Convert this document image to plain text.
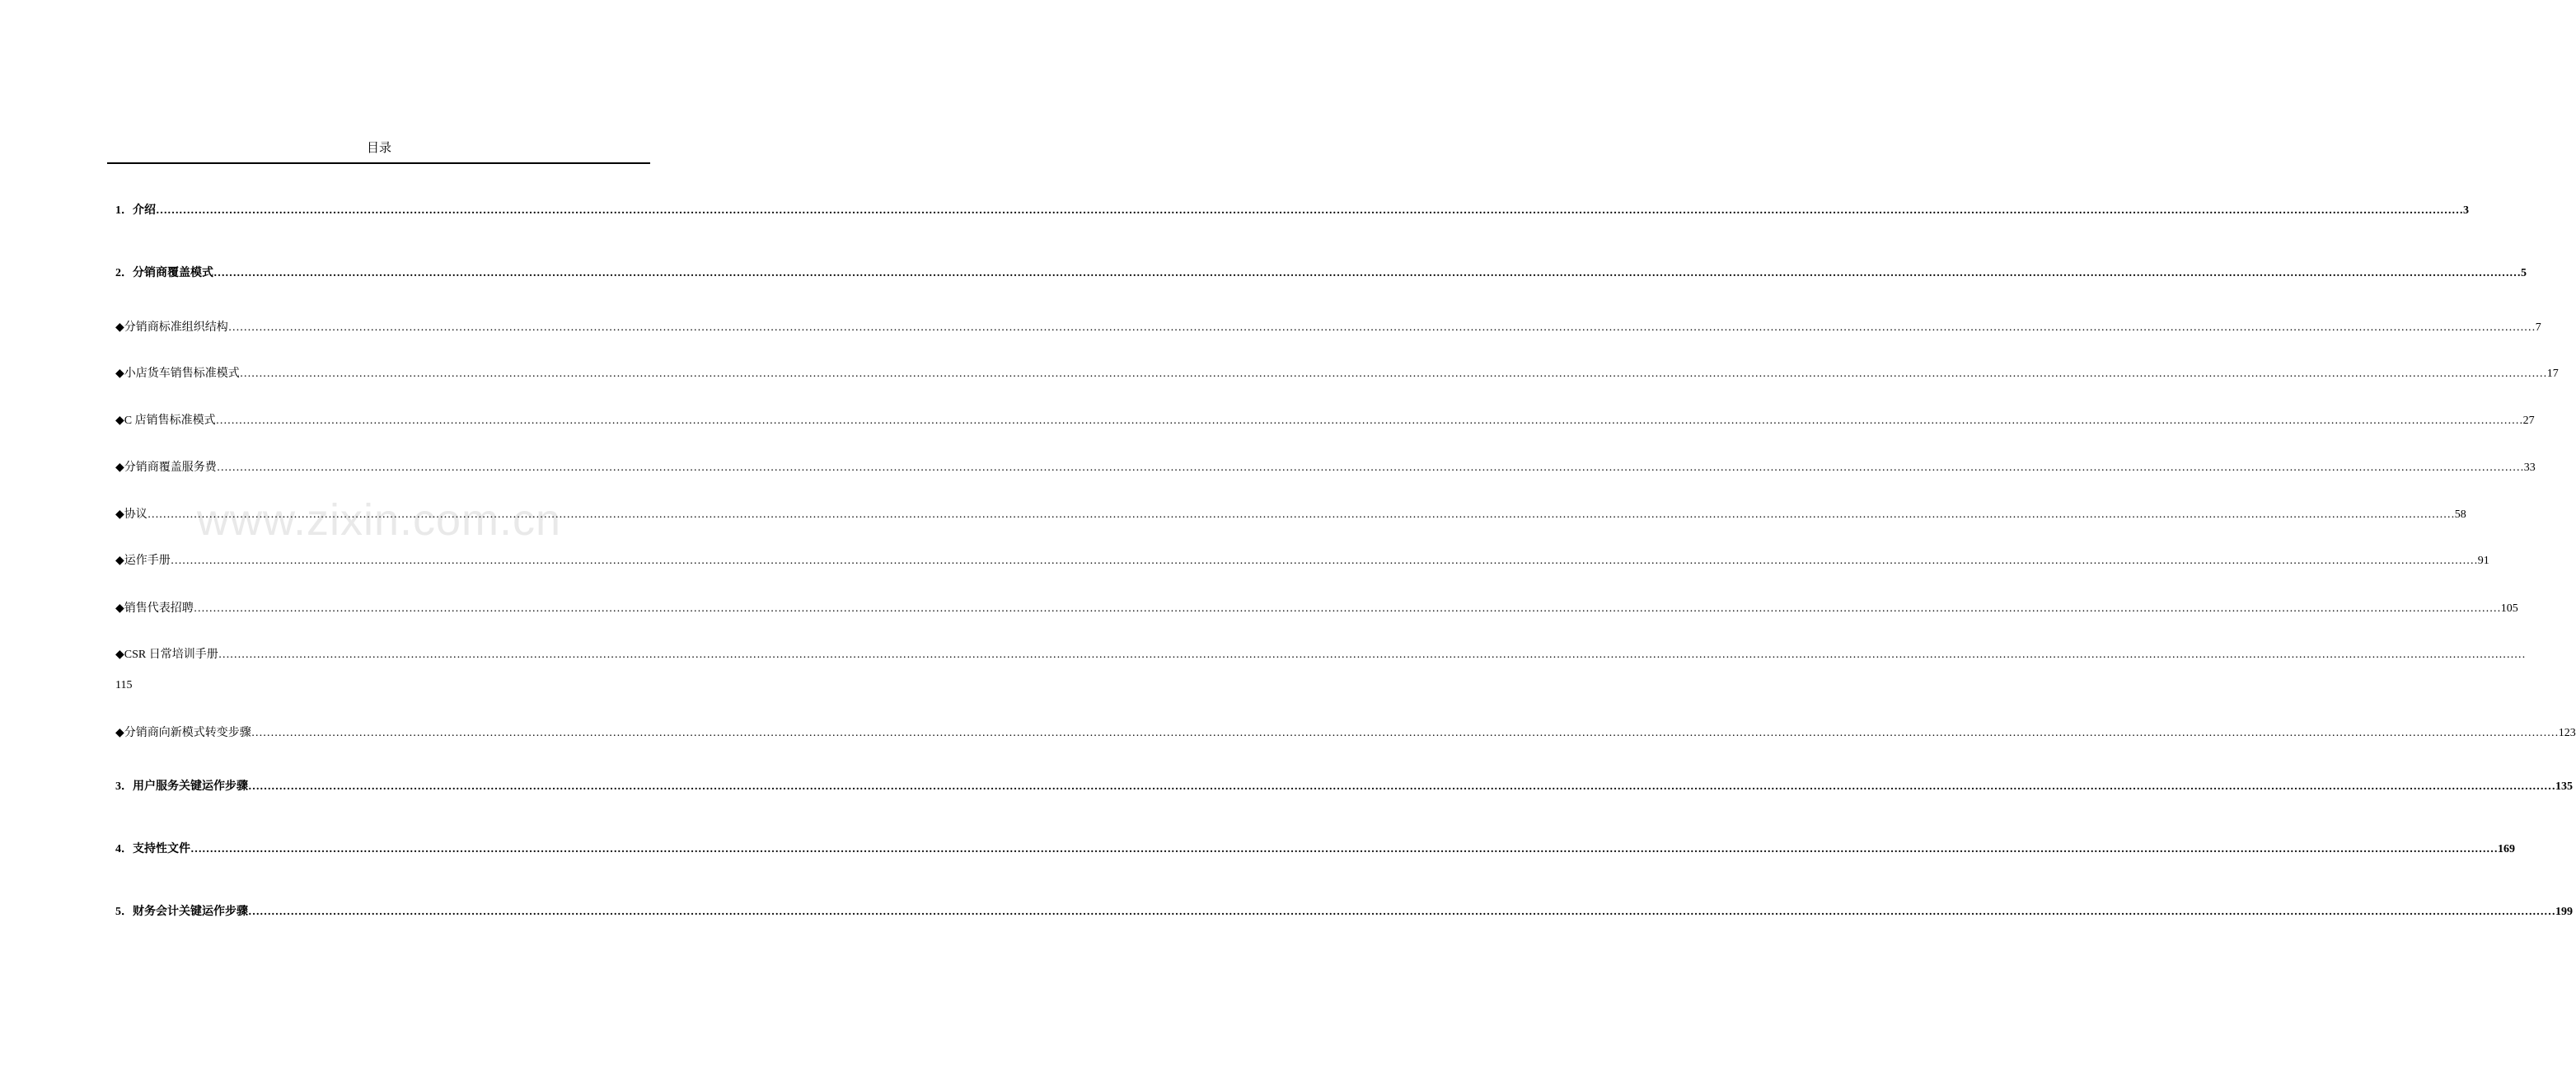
www.zixin.com.cn
目录
1．介绍 …………………………………………………………………………………………………………………………………………………………………………………………………………………………………………………………………………………………………………………………………………………………………………………………………………………………………………………………………………………………………………………………………………………… 3
2．分销商覆盖模式 …………………………………………………………………………………………………………………………………………………………………………………………………………………………………………………………………………………………………………………………………………………………………………………………………………………………………………………………………………………………………………………………………………………… 5
◆分销商标准组织结构 …………………………………………………………………………………………………………………………………………………………………………………………………………………………………………………………………………………………………………………………………………………………………………………………………………………………………………………………………………………………………………………………………………………… 7
◆小店货车销售标准模式 …………………………………………………………………………………………………………………………………………………………………………………………………………………………………………………………………………………………………………………………………………………………………………………………………………………………………………………………………………………………………………………………………………………… 17
◆C 店销售标准模式 …………………………………………………………………………………………………………………………………………………………………………………………………………………………………………………………………………………………………………………………………………………………………………………………………………………………………………………………………………………………………………………………………………………… 27
◆分销商覆盖服务费 …………………………………………………………………………………………………………………………………………………………………………………………………………………………………………………………………………………………………………………………………………………………………………………………………………………………………………………………………………………………………………………………………………………… 33
◆协议 …………………………………………………………………………………………………………………………………………………………………………………………………………………………………………………………………………………………………………………………………………………………………………………………………………………………………………………………………………………………………………………………………………………… 58
◆运作手册 …………………………………………………………………………………………………………………………………………………………………………………………………………………………………………………………………………………………………………………………………………………………………………………………………………………………………………………………………………………………………………………………………………………… 91
◆销售代表招聘 …………………………………………………………………………………………………………………………………………………………………………………………………………………………………………………………………………………………………………………………………………………………………………………………………………………………………………………………………………………………………………………………………………………… 105
◆CSR 日常培训手册 ……………………………………………………………………………………………………………………………………………………………………………………………………………………………………………………………………………………………………………………………………………………………………………………………………………………………………………………………………………………………………………………………………………………
115
◆分销商向新模式转变步骤 …………………………………………………………………………………………………………………………………………………………………………………………………………………………………………………………………………………………………………………………………………………………………………………………………………………………………………………………………………………………………………………………………………………… 123
3．用户服务关键运作步骤 …………………………………………………………………………………………………………………………………………………………………………………………………………………………………………………………………………………………………………………………………………………………………………………………………………………………………………………………………………………………………………………………………………………… 135
4．支持性文件 …………………………………………………………………………………………………………………………………………………………………………………………………………………………………………………………………………………………………………………………………………………………………………………………………………………………………………………………………………………………………………………………………………………… 169
5．财务会计关键运作步骤 …………………………………………………………………………………………………………………………………………………………………………………………………………………………………………………………………………………………………………………………………………………………………………………………………………………………………………………………………………………………………………………………………………………… 199
